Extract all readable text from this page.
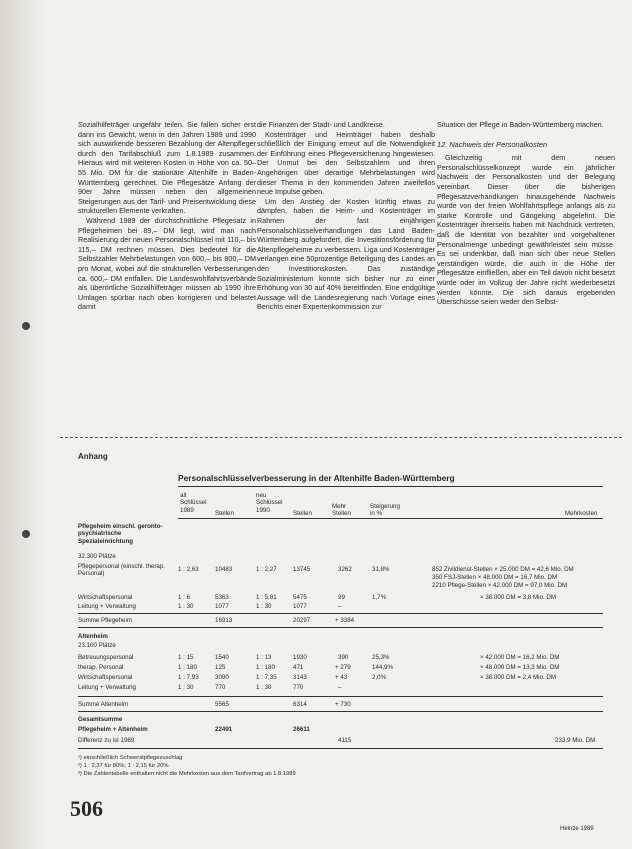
Sozialhilfeträger ungefähr teilen. Sie fallen sicher erst dann ins Gewicht, wenn in den Jahren 1989 und 1990 sich auswirkende besseren Bezahlung der Altenpfleger durch den Tarifabschluß zum 1.8.1989 zusammen. Hieraus wird mit weiteren Kosten in Höhe von ca. 50–55 Mio. DM für die stationäre Altenhilfe in Baden-Württemberg gerechnet. Die Pflegesätze Anfang der 90er Jahre müssen neben den allgemeinen Steigerungen aus der Tarif- und Preisentwicklung diese strukturellen Elemente verkraften.

Während 1989 der durchschnittliche Pflegesatz in Pflegeheimen bei 89,– DM liegt, wird man nach Realisierung der neuen Personalschlüssel mit 110,– bis 115,– DM rechnen müssen. Dies bedeutet für die Selbstzahler Mehrbelastungen von 600,– bis 800,– DM pro Monat, wobei auf die strukturellen Verbesserungen ca. 600,– DM entfallen. Die Landeswohlfahrtsverbände als überörtliche Sozialhilfeträger müssen ab 1990 ihre Umlagen spürbar nach oben korrigieren und belastet damit

die Finanzen der Stadt- und Landkreise.

Kostenträger und Heimträger haben deshalb schließlich der Einigung erneut auf die Notwendigkeit der Einführung eines Pflegeversicherung hingewiesen. Der Unmut bei den Selbstzahlern und ihren Angehörigen über derartige Mehrbelastungen wird dieser Thema in den kommenden Jahren zweifellos neue Impulse geben.

Um den Anstieg der Kosten künftig etwas zu dämpfen, haben die Heim- und Kostenträger im Rahmen der fast einjährigen Personalschlüsselverhandlungen das Land Baden-Württemberg aufgefordert, die Investitionsförderung für Altenpflegeheime zu verbessern. Liga und Kostenträger verlangen eine 50prozentige Beteiligung des Landes an den Investitionskosten. Das zuständige Sozialministerium konnte sich bisher nur zu einer Erhöhung von 30 auf 40% bereitfinden. Eine endgültige Aussage will die Landesregierung nach Vorlage eines Berichts einer Expertenkommission zur

Situation der Pflege in Baden-Württemberg machen.

12. Nachweis der Personalkosten

Gleichzeitig mit dem neuen Personalschlüsselkonzept wurde ein jährlicher Nachweis der Personalkosten und der Belegung vereinbart. Dieser über die bisherigen Pflegesatzverhandlungen hinausgehende Nachweis wurde von der freien Wohlfahrtspflege anfangs als zu starke Kontrolle und Gängelung abgelehnt. Die Kostenträger ihrerseits haben mit Nachdruck vertreten, daß die Identität von bezahlter und vorgehaltener Personalmenge unbedingt gewährleistet sein müsse. Es sei undenkbar, daß man sich über neue Stellen verständigen würde, die auch in die Höhe der Pflegesätze einfließen, aber ein Teil davon nicht besetzt würde oder im Vollzug der Jahre nicht wiederbesetzt werden könnte. Die sich daraus ergebenden Überschüsse seien weder den Selbst-

Anhang
Personalschlüsselverbesserung in der Altenhilfe Baden-Württemberg
alt Schlüssel 1989	Stellen
neu Schlüssel 1990	Stellen
Mehr Stellen
Steigerung in %	Mehrkosten
Pflegeheim einschl. geronto-psychiatrische Spezialeinrichtung
32.300 Plätze
Pflegepersonal (einschl. therap. Personal)
1 : 2,63	10483	1 : 2,27	13745	3262	31,8%	852 Zivildienst-Stellen × 25.000 DM = 42,6 Mio. DM
350 FSJ-Stellen × 48.000 DM = 16,7 Mio. DM
2210 Pflege-Stellen × 42.000 DM = 97,0 Mio. DM
Wirtschaftspersonal	1 : 6	5363	1 : 5,81	5475	99	1,7%	× 38.000 DM = 3,8 Mio. DM
Leitung + Verwaltung	1 : 30	1077	1 : 30	1077	–
Summe Pflegeheim	16913	20297	+ 3384
Altenheim
23.100 Plätze
Betreuungspersonal	1 : 15	1540	1 : 13	1930	390	25,3%	× 42.000 DM = 16,2 Mio. DM
therap. Personal	1 : 180	125	1 : 180	471	+ 279	144,9%	× 48.000 DM = 13,3 Mio. DM
Wirtschaftspersonal	1 : 7,93	3090	1 : 7,35	3143	+ 43	2,0%	× 38.000 DM = 2,4 Mio. DM
Leitung + Verwaltung	1 : 30	770	1 : 30	770	–
Summe Altenheim	5565	6314	+ 730
Gesamtsumme
Pflegeheim + Altenheim	22491	26611
Differenz zu ist 1989	4115	233,9 Mio. DM
¹) einschließlich Schwerstpflegezuschlag
²) 1 : 2,37 für 80%; 1 : 2,15 für 20%
³) Die Zahlentabelle enthalten nicht die Mehrkosten aus dem Tarifvertrag ab 1.8.1989
506
Heinze 1989
